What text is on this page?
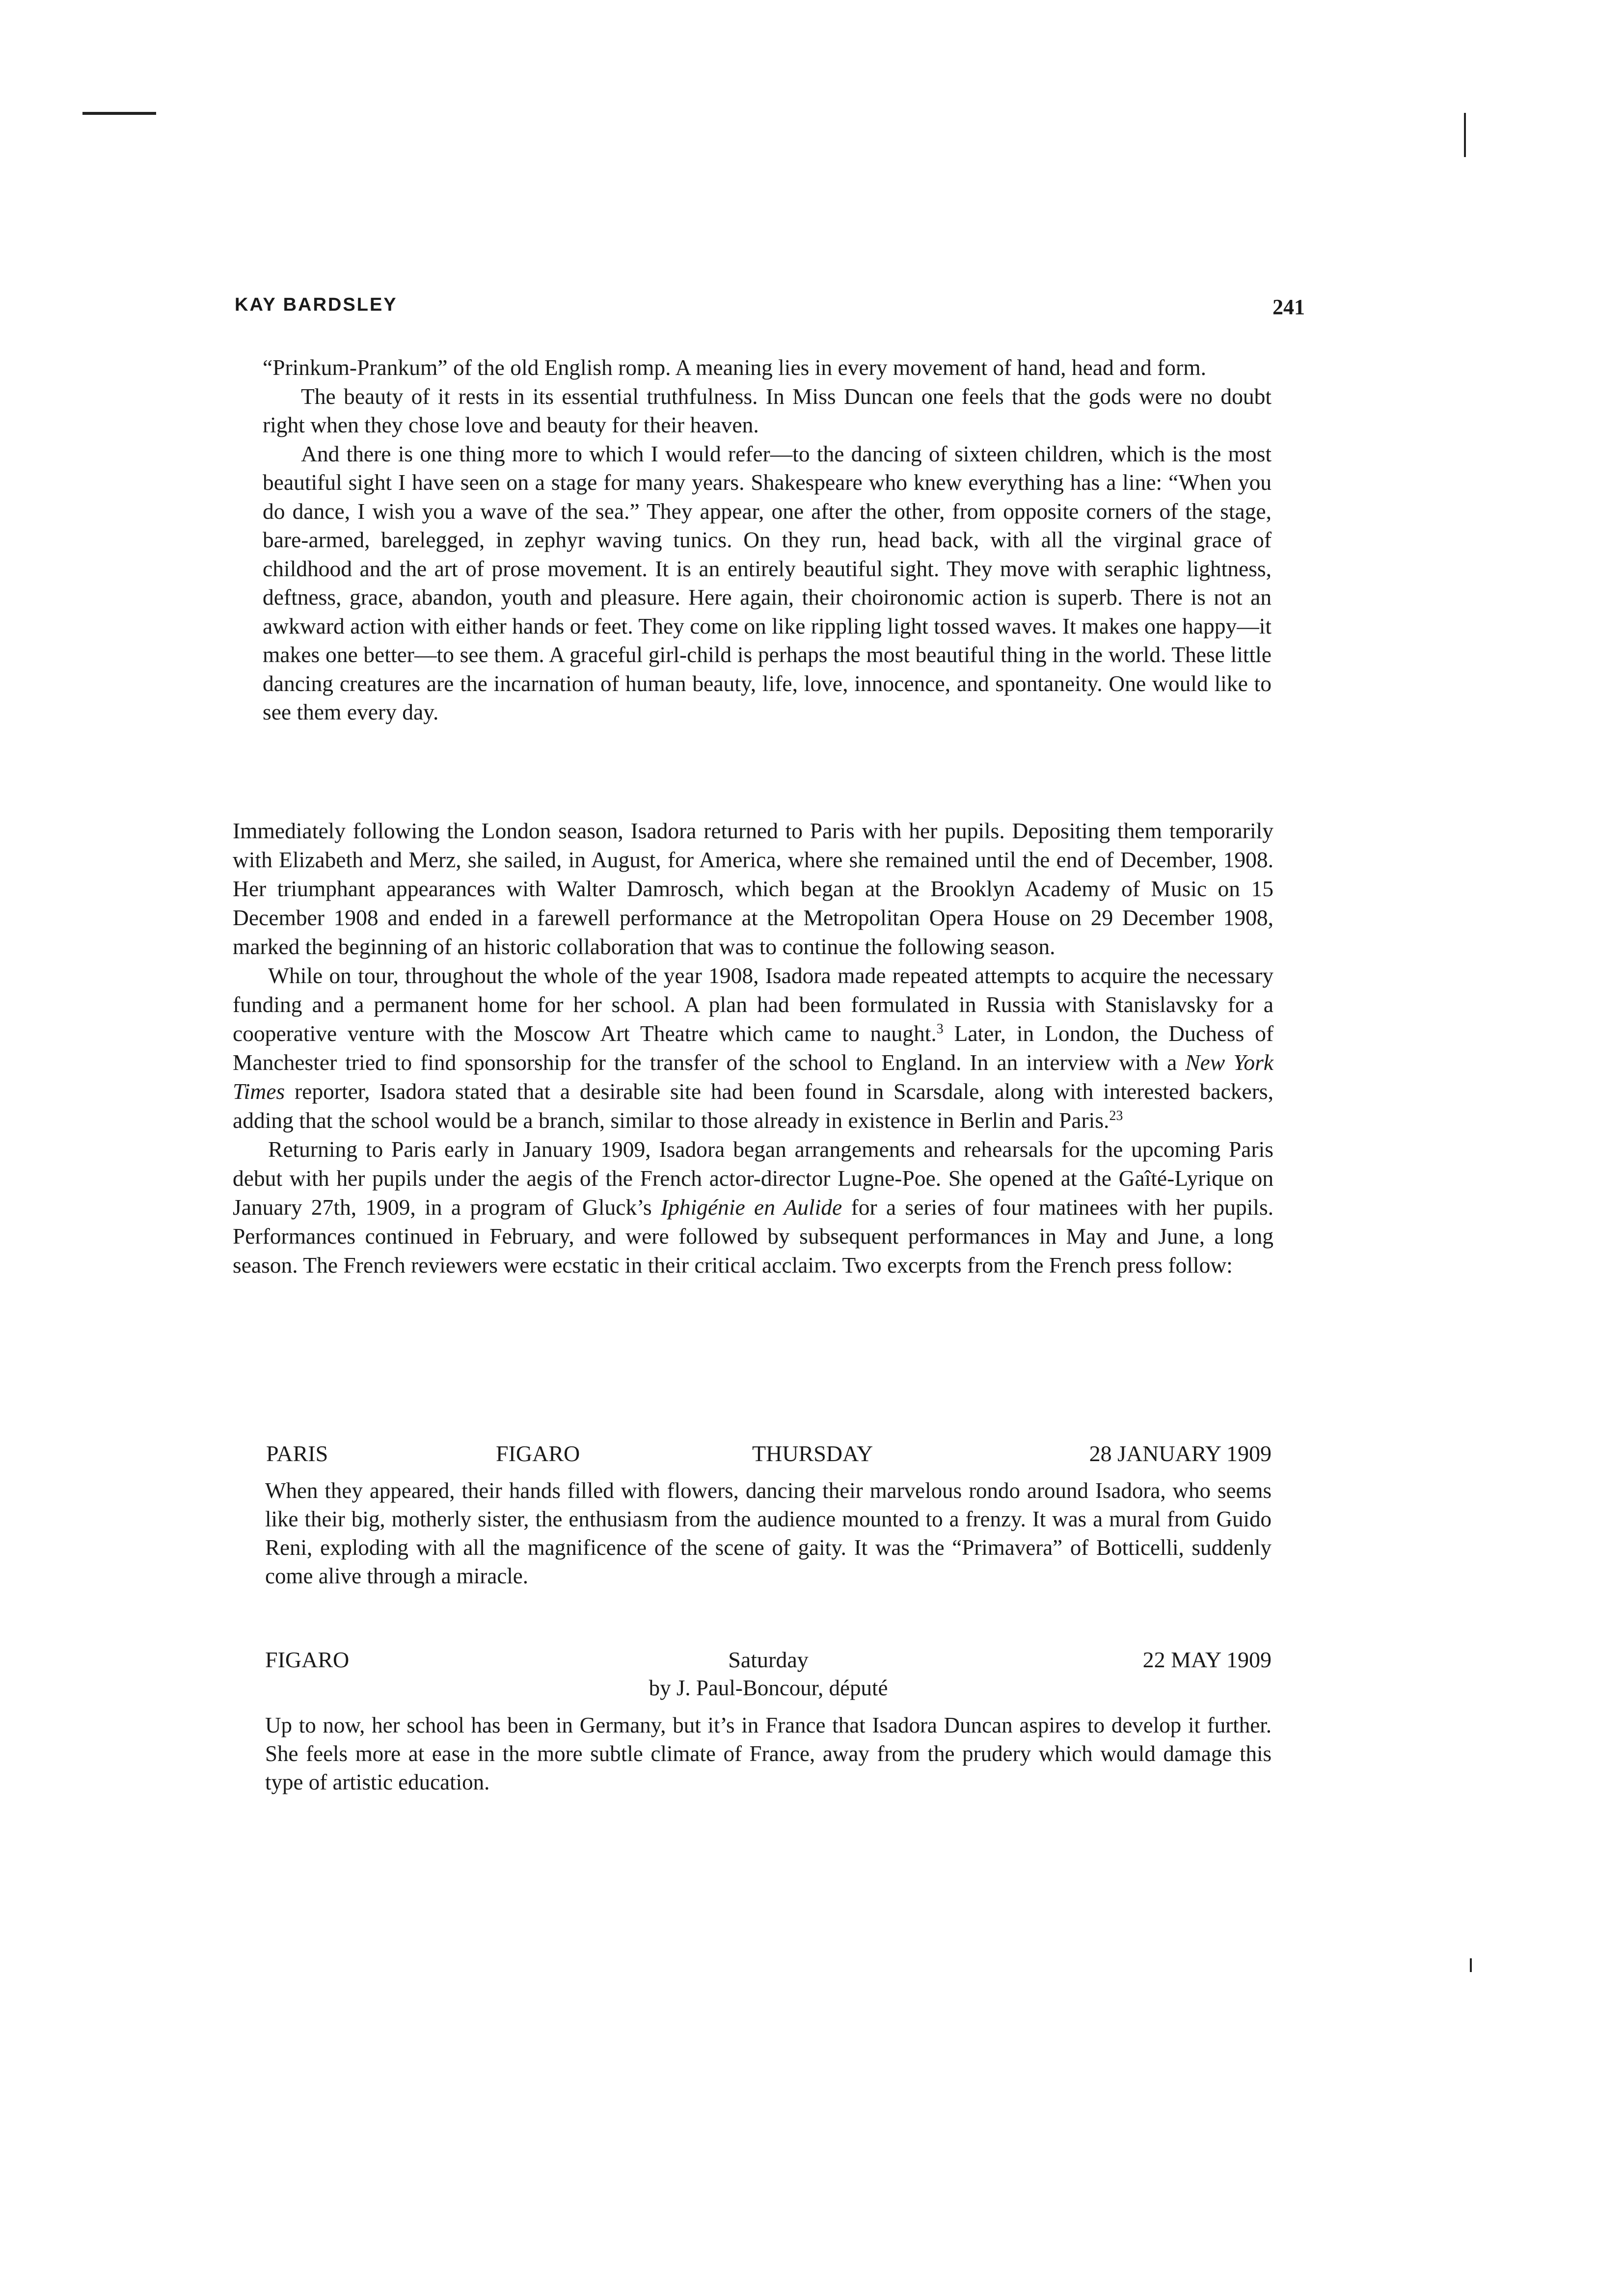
KAY BARDSLEY	241

“Prinkum-Prankum” of the old English romp. A meaning lies in every movement of hand, head and form.

The beauty of it rests in its essential truthfulness. In Miss Duncan one feels that the gods were no doubt right when they chose love and beauty for their heaven.

And there is one thing more to which I would refer—to the dancing of sixteen children, which is the most beautiful sight I have seen on a stage for many years. Shakespeare who knew everything has a line: “When you do dance, I wish you a wave of the sea.” They appear, one after the other, from opposite corners of the stage, bare-armed, barelegged, in zephyr waving tunics. On they run, head back, with all the virginal grace of childhood and the art of prose movement. It is an entirely beautiful sight. They move with seraphic lightness, deftness, grace, abandon, youth and pleasure. Here again, their choironomic action is superb. There is not an awkward action with either hands or feet. They come on like rippling light tossed waves. It makes one happy—it makes one better—to see them. A graceful girl-child is perhaps the most beautiful thing in the world. These little dancing creatures are the incarnation of human beauty, life, love, innocence, and spontaneity. One would like to see them every day.

Immediately following the London season, Isadora returned to Paris with her pupils. Depositing them temporarily with Elizabeth and Merz, she sailed, in August, for America, where she remained until the end of December, 1908. Her triumphant appearances with Walter Damrosch, which began at the Brooklyn Academy of Music on 15 December 1908 and ended in a farewell performance at the Metropolitan Opera House on 29 December 1908, marked the beginning of an historic collaboration that was to continue the following season.

While on tour, throughout the whole of the year 1908, Isadora made repeated attempts to acquire the necessary funding and a permanent home for her school. A plan had been formulated in Russia with Stanislavsky for a cooperative venture with the Moscow Art Theatre which came to naught.$^3$ Later, in London, the Duchess of Manchester tried to find sponsorship for the transfer of the school to England. In an interview with a New York Times reporter, Isadora stated that a desirable site had been found in Scarsdale, along with interested backers, adding that the school would be a branch, similar to those already in existence in Berlin and Paris.$^{23}$

Returning to Paris early in January 1909, Isadora began arrangements and rehearsals for the upcoming Paris debut with her pupils under the aegis of the French actor-director Lugne-Poe. She opened at the Gaîté-Lyrique on January 27th, 1909, in a program of Gluck’s Iphigénie en Aulide for a series of four matinees with her pupils. Performances continued in February, and were followed by subsequent performances in May and June, a long season. The French reviewers were ecstatic in their critical acclaim. Two excerpts from the French press follow:

PARIS	FIGARO	THURSDAY	28 JANUARY 1909

When they appeared, their hands filled with flowers, dancing their marvelous rondo around Isadora, who seems like their big, motherly sister, the enthusiasm from the audience mounted to a frenzy. It was a mural from Guido Reni, exploding with all the magnificence of the scene of gaity. It was the “Primavera” of Botticelli, suddenly come alive through a miracle.

FIGARO	Saturday	22 MAY 1909
by J. Paul-Boncour, député

Up to now, her school has been in Germany, but it’s in France that Isadora Duncan aspires to develop it further. She feels more at ease in the more subtle climate of France, away from the prudery which would damage this type of artistic education.
